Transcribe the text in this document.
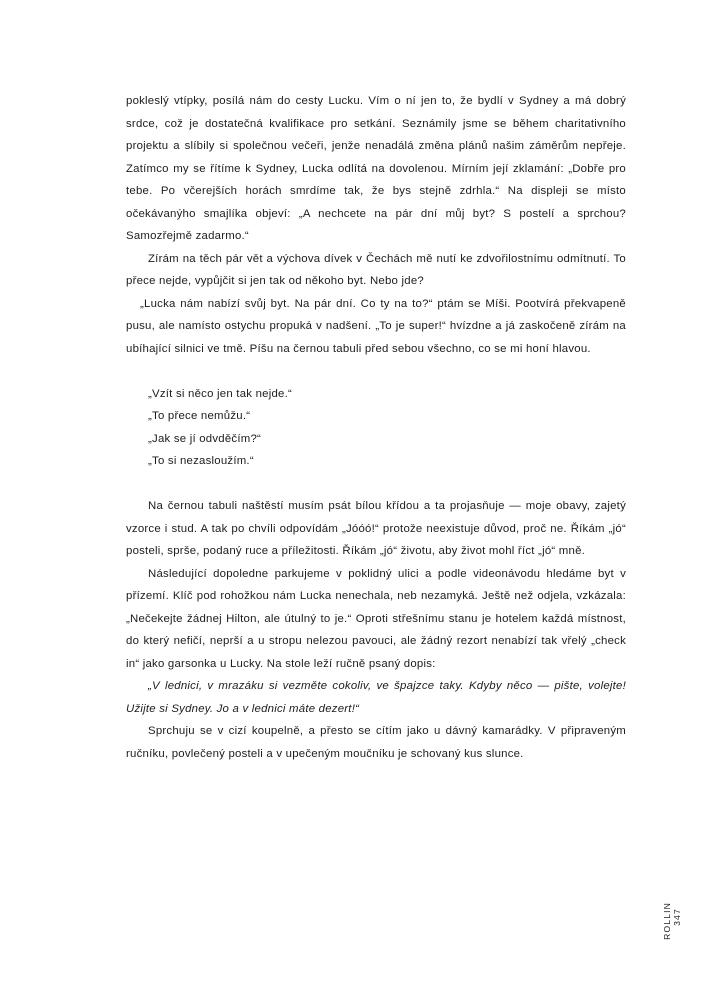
pokleslý vtípky, posílá nám do cesty Lucku. Vím o ní jen to, že bydlí v Sydney a má dobrý srdce, což je dostatečná kvalifikace pro setkání. Seznámily jsme se během charitativního projektu a slíbily si společnou večeři, jenže nenadálá změna plánů našim záměrům nepřeje. Zatímco my se řítíme k Sydney, Lucka odlítá na dovolenou. Mírním její zklamání: „Dobře pro tebe. Po včerejších horách smrdíme tak, že bys stejně zdrhla.“ Na displeji se místo očekávanýho smajlíka objeví: „A nechcete na pár dní můj byt? S postelí a sprchou? Samozřejmě zadarmo.“

Zírám na těch pár vět a výchova dívek v Čechách mě nutí ke zdvořilostnímu odmítnutí. To přece nejde, vypůjčit si jen tak od někoho byt. Nebo jde?

„Lucka nám nabízí svůj byt. Na pár dní. Co ty na to?“ ptám se Míši. Pootvírá překvapeně pusu, ale namísto ostychu propuká v nadšení. „To je super!“ hvízdne a já zaskočeně zírám na ubíhající silnici ve tmě. Píšu na černou tabuli před sebou všechno, co se mi honí hlavou.

„Vzít si něco jen tak nejde.“

„To přece nemůžu.“

„Jak se jí odvděčím?“

„To si nezasloužím.“

Na černou tabuli naštěstí musím psát bílou křídou a ta projasňuje — moje obavy, zajetý vzorce i stud. A tak po chvíli odpovídám „Jóóó!“ protože neexistuje důvod, proč ne. Říkám „jó“ posteli, sprše, podaný ruce a příležitosti. Říkám „jó“ životu, aby život mohl říct „jó“ mně.

Následující dopoledne parkujeme v poklidný ulici a podle videonávodu hledáme byt v přízemí. Klíč pod rohožkou nám Lucka nenechala, neb nezamyká. Ještě než odjela, vzkázala: „Nečekejte žádnej Hilton, ale útulný to je.“ Oproti střešnímu stanu je hotelem každá místnost, do který nefičí, neprší a u stropu nelezou pavouci, ale žádný rezort nenabízí tak vřelý „check in“ jako garsonka u Lucky. Na stole leží ručně psaný dopis:

„V lednici, v mrazáku si vezměte cokoliv, ve špajzce taky. Kdyby něco — pište, volejte! Užijte si Sydney. Jo a v lednici máte dezert!“

Sprchuju se v cizí koupelně, a přesto se cítím jako u dávný kamarádky. V připraveným ručníku, povlečený posteli a v upečeným moučníku je schovaný kus slunce.

ROLLIN 347
